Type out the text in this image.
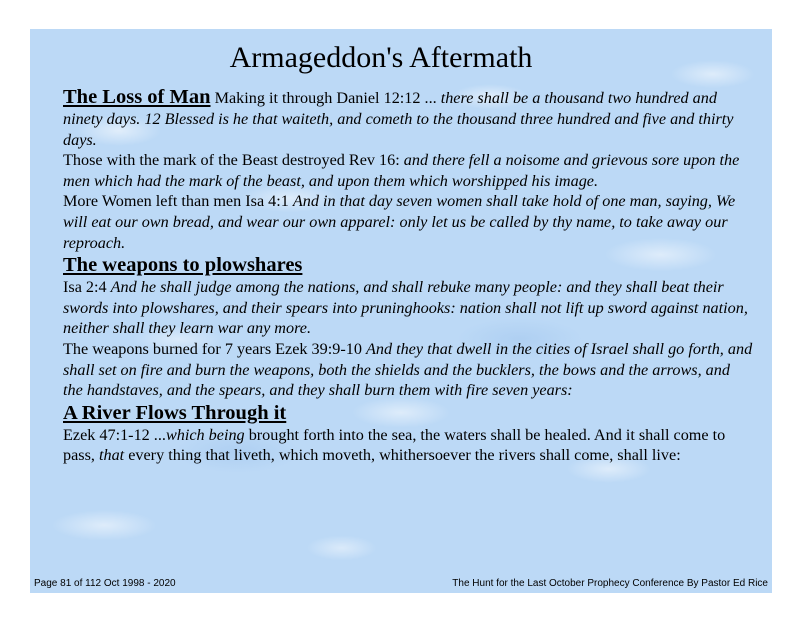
Armageddon's Aftermath

The Loss of Man Making it through Daniel 12:12 ... there shall be a thousand two hundred and ninety days. 12 Blessed is he that waiteth, and cometh to the thousand three hundred and five and thirty days.

Those with the mark of the Beast destroyed Rev 16: and there fell a noisome and grievous sore upon the men which had the mark of the beast, and upon them which worshipped his image.

More Women left than men Isa 4:1 And in that day seven women shall take hold of one man, saying, We will eat our own bread, and wear our own apparel: only let us be called by thy name, to take away our reproach.

The weapons to plowshares

Isa 2:4 And he shall judge among the nations, and shall rebuke many people: and they shall beat their swords into plowshares, and their spears into pruninghooks: nation shall not lift up sword against nation, neither shall they learn war any more.

The weapons burned for 7 years Ezek 39:9-10 And they that dwell in the cities of Israel shall go forth, and shall set on fire and burn the weapons, both the shields and the bucklers, the bows and the arrows, and the handstaves, and the spears, and they shall burn them with fire seven years:

A River Flows Through it

Ezek 47:1-12 ...which being brought forth into the sea, the waters shall be healed. And it shall come to pass, that every thing that liveth, which moveth, whithersoever the rivers shall come, shall live:

Page 81 of 112 Oct 1998 - 2020	The Hunt for the Last October Prophecy Conference By Pastor Ed Rice
